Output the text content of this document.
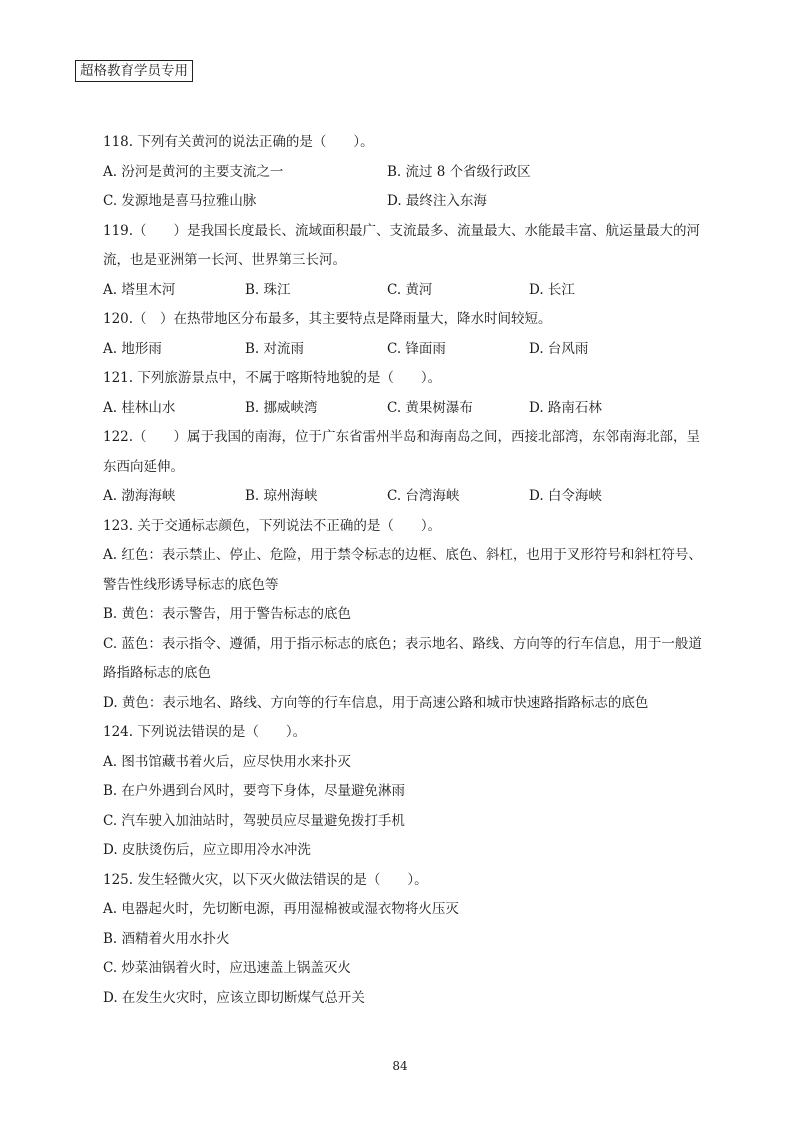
超格教育学员专用
118. 下列有关黄河的说法正确的是（　　）。
A. 汾河是黄河的主要支流之一	B. 流过 8 个省级行政区
C. 发源地是喜马拉雅山脉	D. 最终注入东海
119.（　　）是我国长度最长、流域面积最广、支流最多、流量最大、水能最丰富、航运量最大的河流，也是亚洲第一长河、世界第三长河。
A. 塔里木河	B. 珠江	C. 黄河	D. 长江
120.（　）在热带地区分布最多，其主要特点是降雨量大，降水时间较短。
A. 地形雨	B. 对流雨	C. 锋面雨	D. 台风雨
121. 下列旅游景点中，不属于喀斯特地貌的是（　　）。
A. 桂林山水	B. 挪威峡湾	C. 黄果树瀑布	D. 路南石林
122.（　　）属于我国的南海，位于广东省雷州半岛和海南岛之间，西接北部湾，东邻南海北部，呈东西向延伸。
A. 渤海海峡	B. 琼州海峡	C. 台湾海峡	D. 白令海峡
123. 关于交通标志颜色，下列说法不正确的是（　　）。
A. 红色：表示禁止、停止、危险，用于禁令标志的边框、底色、斜杠，也用于叉形符号和斜杠符号、警告性线形诱导标志的底色等
B. 黄色：表示警告，用于警告标志的底色
C. 蓝色：表示指令、遵循，用于指示标志的底色；表示地名、路线、方向等的行车信息，用于一般道路指路标志的底色
D. 黄色：表示地名、路线、方向等的行车信息，用于高速公路和城市快速路指路标志的底色
124. 下列说法错误的是（　　）。
A. 图书馆藏书着火后，应尽快用水来扑灭
B. 在户外遇到台风时，要弯下身体，尽量避免淋雨
C. 汽车驶入加油站时，驾驶员应尽量避免拨打手机
D. 皮肤烫伤后，应立即用冷水冲洗
125. 发生轻微火灾，以下灭火做法错误的是（　　）。
A. 电器起火时，先切断电源，再用湿棉被或湿衣物将火压灭
B. 酒精着火用水扑火
C. 炒菜油锅着火时，应迅速盖上锅盖灭火
D. 在发生火灾时，应该立即切断煤气总开关
84
